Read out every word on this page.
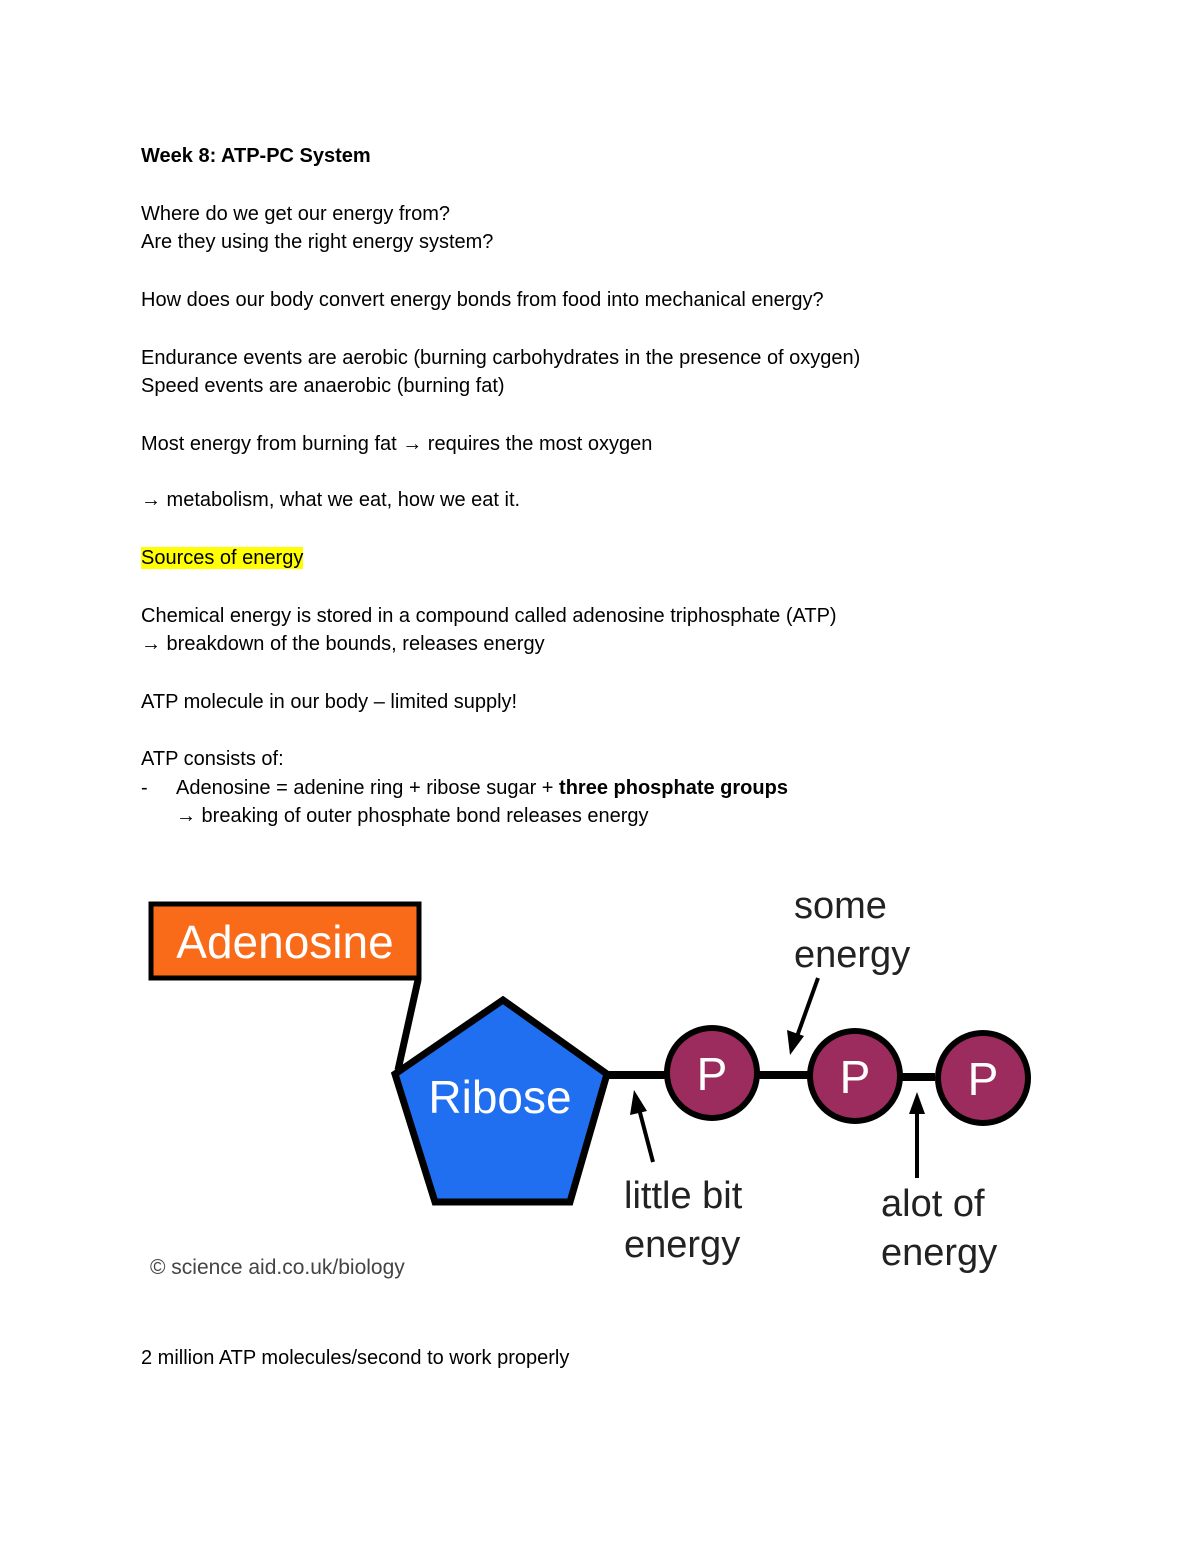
Week 8: ATP-PC System
Where do we get our energy from?
Are they using the right energy system?
How does our body convert energy bonds from food into mechanical energy?
Endurance events are aerobic (burning carbohydrates in the presence of oxygen)
Speed events are anaerobic (burning fat)
Most energy from burning fat → requires the most oxygen
→ metabolism, what we eat, how we eat it.
Sources of energy
Chemical energy is stored in a compound called adenosine triphosphate (ATP)
→ breakdown of the bounds, releases energy
ATP molecule in our body – limited supply!
ATP consists of:
- Adenosine = adenine ring + ribose sugar + three phosphate groups
→ breaking of outer phosphate bond releases energy
Adenosine
Ribose	P P P
some
energy
little bit
energy
alot of
energy
© science aid.co.uk/biology
2 million ATP molecules/second to work properly
